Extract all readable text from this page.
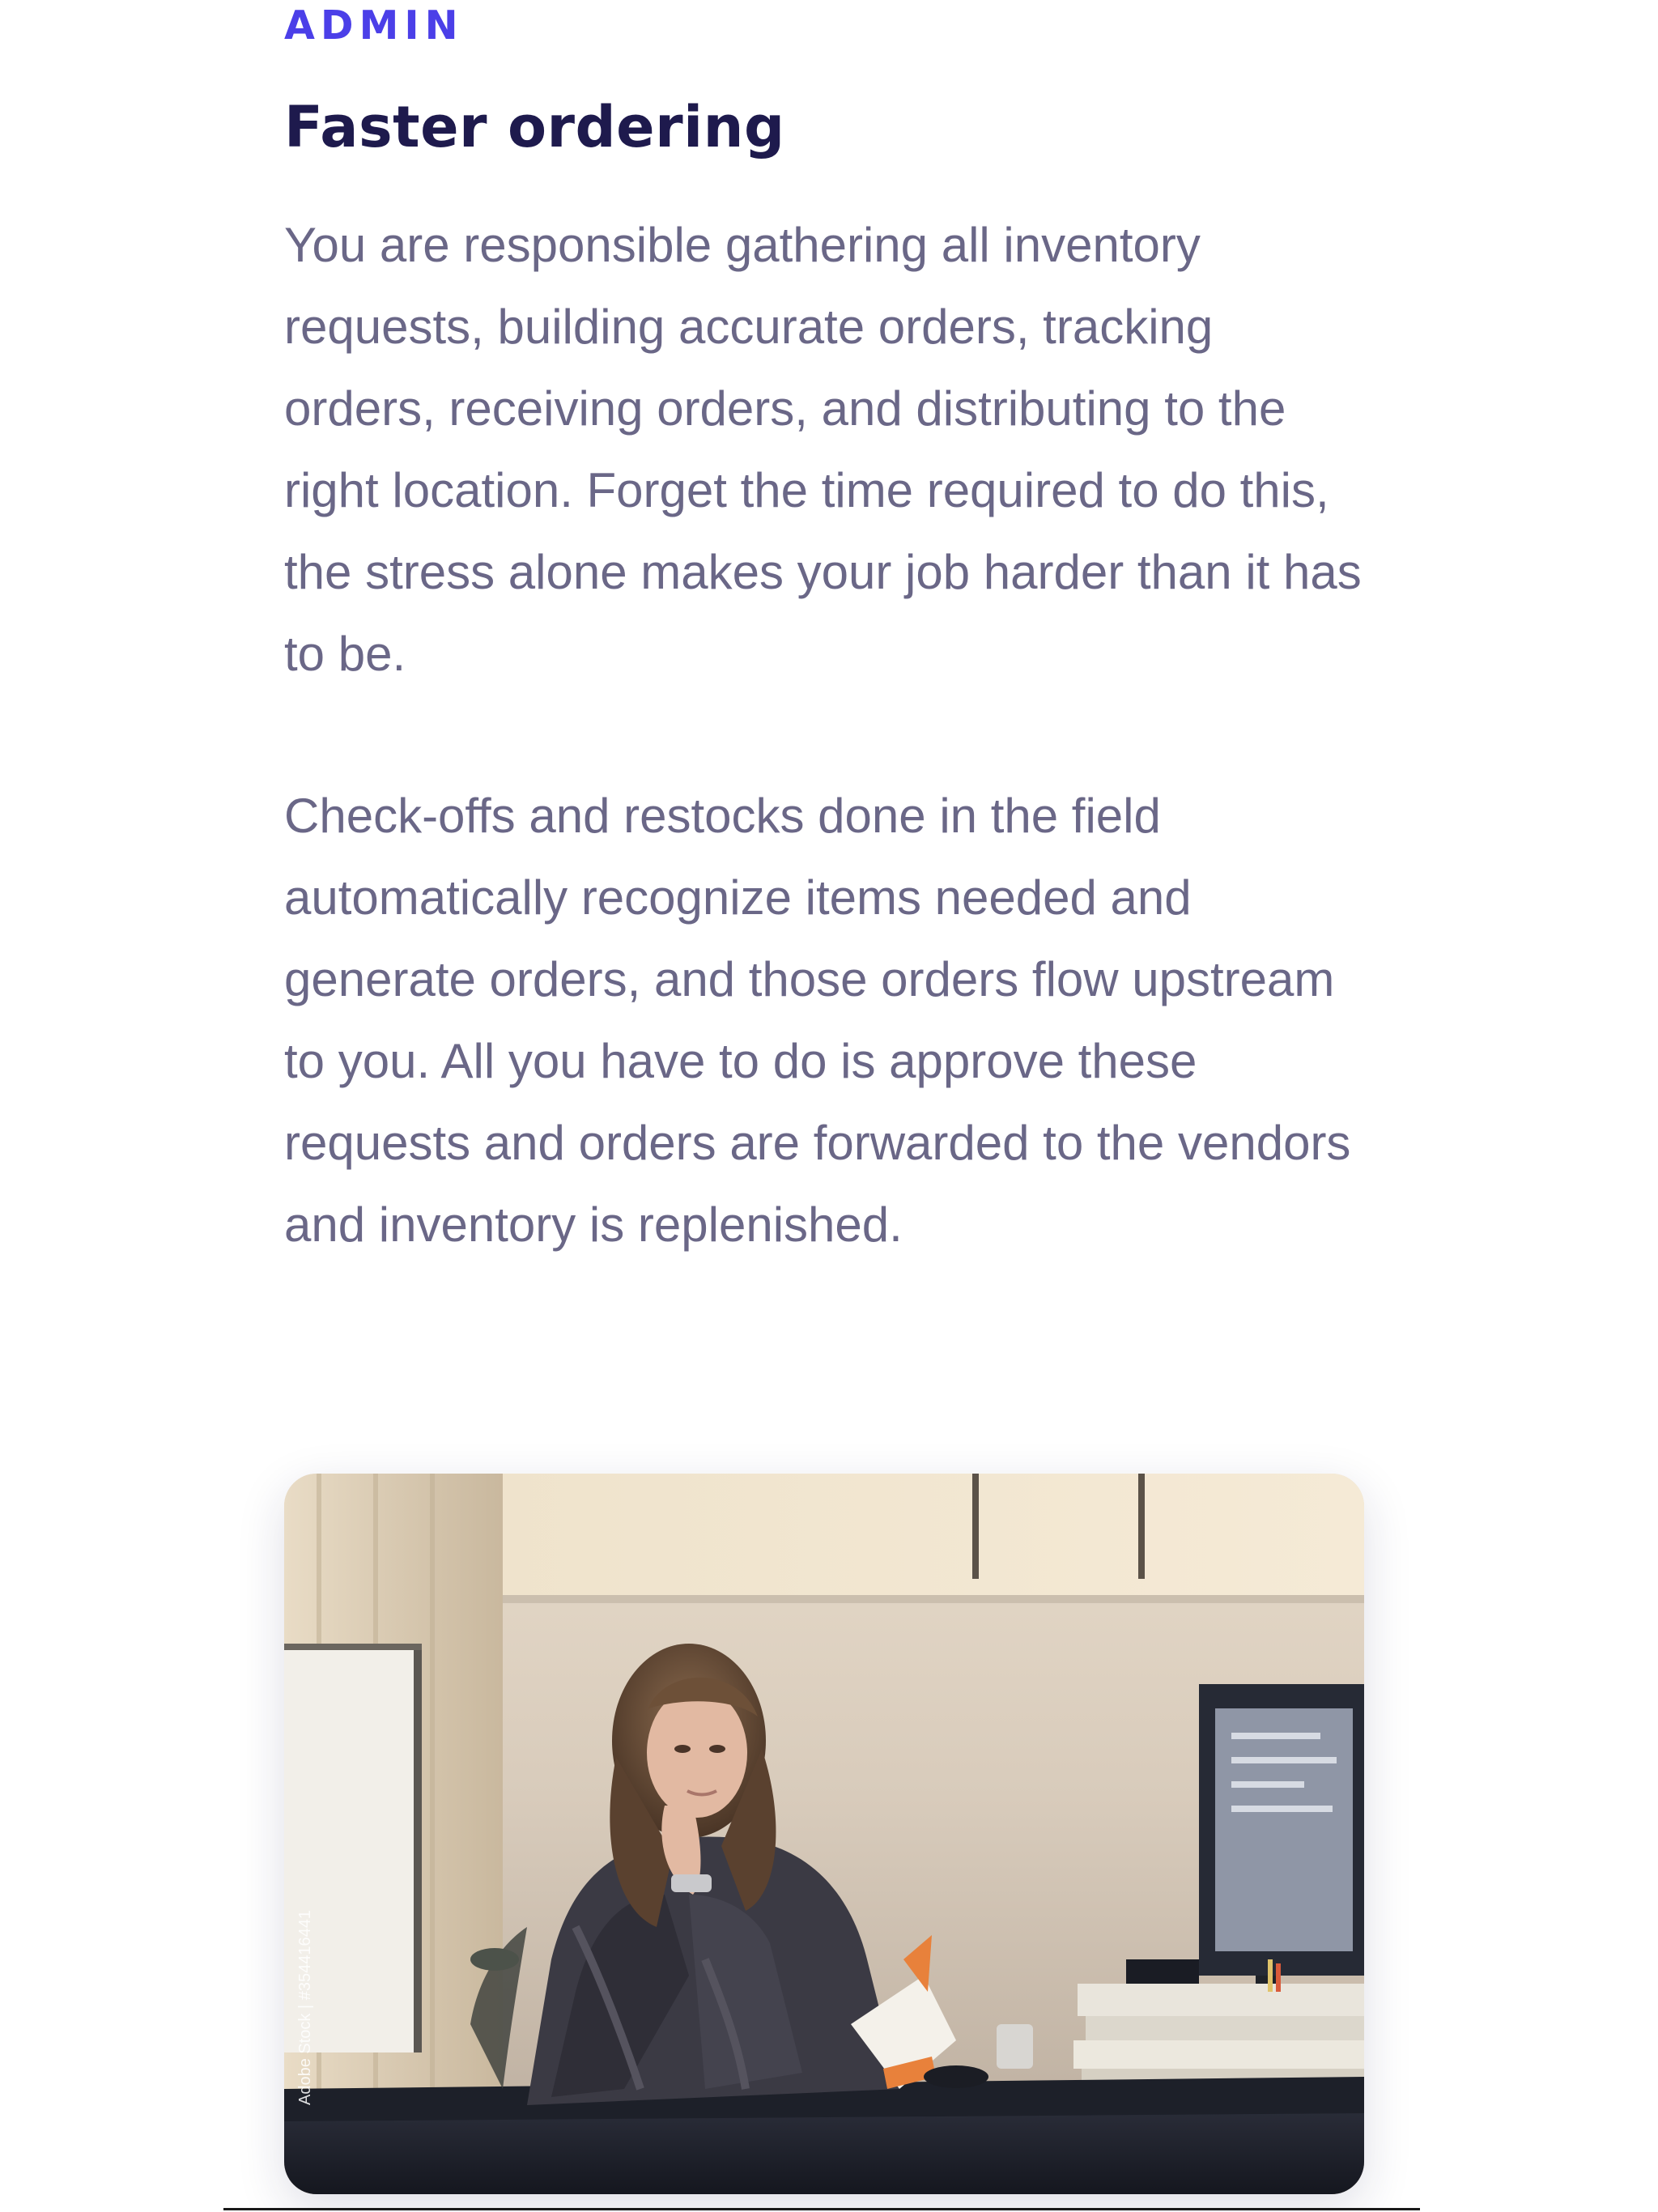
ADMIN
Faster ordering

You are responsible gathering all inventory requests, building accurate orders, tracking orders, receiving orders, and distributing to the right location. Forget the time required to do this, the stress alone makes your job harder than it has to be.

Check-offs and restocks done in the field automatically recognize items needed and generate orders, and those orders flow upstream to you. All you have to do is approve these requests and orders are forwarded to the vendors and inventory is replenished.

Adobe Stock | #354416441
